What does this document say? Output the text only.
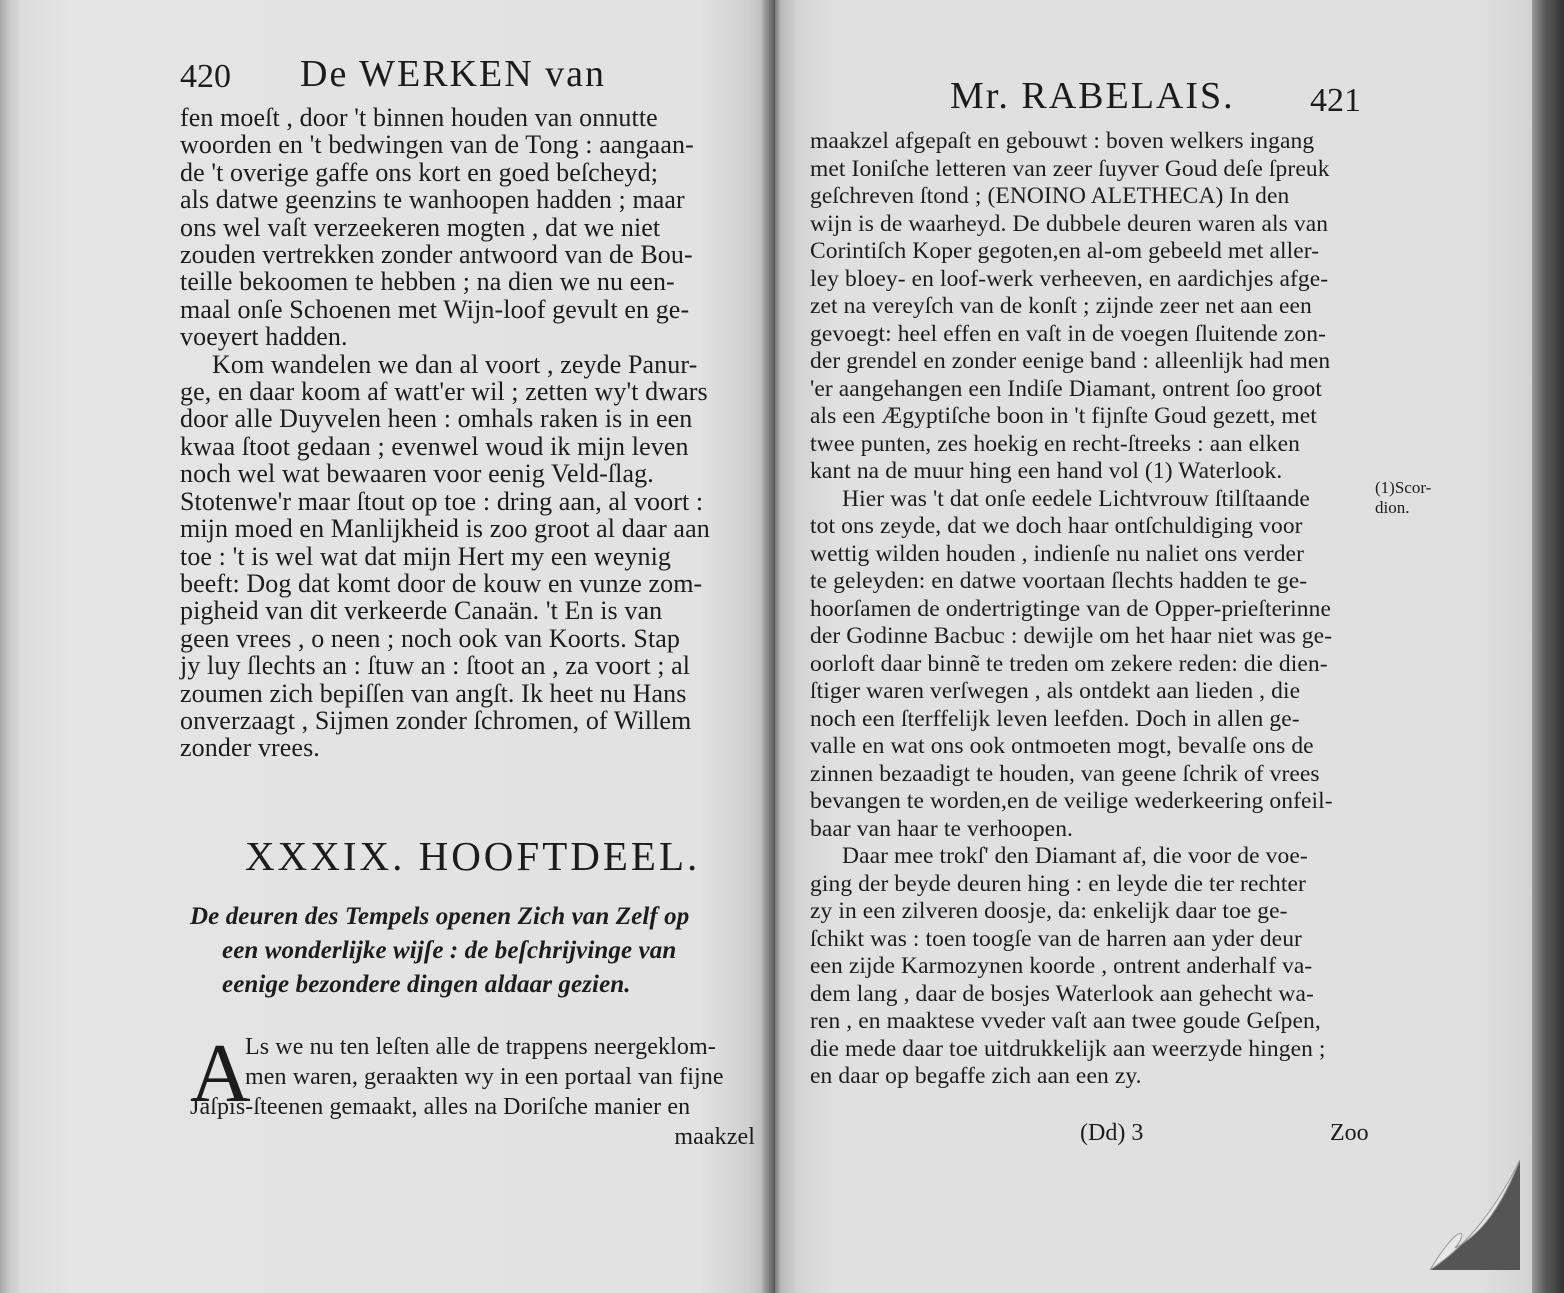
420 De WERKEN van
fen moeſt , door 't binnen houden van onnutte
woorden en 't bedwingen van de Tong : aangaan-
de 't overige gaffe ons kort en goed beſcheyd;
als datwe geenzins te wanhoopen hadden ; maar
ons wel vaſt verzeekeren mogten , dat we niet
zouden vertrekken zonder antwoord van de Bou-
teille bekoomen te hebben ; na dien we nu een-
maal onſe Schoenen met Wijn-loof gevult en ge-
voeyert hadden.
Kom wandelen we dan al voort , zeyde Panur-
ge, en daar koom af watt'er wil ; zetten wy't dwars
door alle Duyvelen heen : omhals raken is in een
kwaa ſtoot gedaan ; evenwel woud ik mijn leven
noch wel wat bewaaren voor eenig Veld-ſlag.
Stotenwe'r maar ſtout op toe : dring aan, al voort :
mijn moed en Manlijkheid is zoo groot al daar aan
toe : 't is wel wat dat mijn Hert my een weynig
beeft: Dog dat komt door de kouw en vunze zom-
pigheid van dit verkeerde Canaän. 't En is van
geen vrees , o neen ; noch ook van Koorts. Stap
jy luy ſlechts an : ſtuw an : ſtoot an , za voort ; al
zoumen zich bepiſſen van angſt. Ik heet nu Hans
onverzaagt , Sijmen zonder ſchromen, of Willem
zonder vrees.
XXXIX. HOOFTDEEL.
De deuren des Tempels openen Zich van Zelf op
een wonderlijke wijſe : de beſchrijvinge van
eenige bezondere dingen aldaar gezien.
A
Ls we nu ten leſten alle de trappens neergeklom-
men waren, geraakten wy in een portaal van fijne
Jaſpis-ſteenen gemaakt, alles na Doriſche manier en
maakzel
Mr. RABELAIS. 421
maakzel afgepaſt en gebouwt : boven welkers ingang
met Ioniſche letteren van zeer ſuyver Goud deſe ſpreuk
geſchreven ſtond ; (ENOINO ALETHECA) In den
wijn is de waarheyd. De dubbele deuren waren als van
Corintiſch Koper gegoten,en al-om gebeeld met aller-
ley bloey- en loof-werk verheeven, en aardichjes afge-
zet na vereyſch van de konſt ; zijnde zeer net aan een
gevoegt: heel effen en vaſt in de voegen ſluitende zon-
der grendel en zonder eenige band : alleenlijk had men
'er aangehangen een Indiſe Diamant, ontrent ſoo groot
als een Ægyptiſche boon in 't fijnſte Goud gezett, met
twee punten, zes hoekig en recht-ſtreeks : aan elken
kant na de muur hing een hand vol (1) Waterlook.
Hier was 't dat onſe eedele Lichtvrouw ſtilſtaande
tot ons zeyde, dat we doch haar ontſchuldiging voor
wettig wilden houden , indienſe nu naliet ons verder
te geleyden: en datwe voortaan ſlechts hadden te ge-
hoorſamen de ondertrigtinge van de Opper-prieſterinne
der Godinne Bacbuc : dewijle om het haar niet was ge-
oorloft daar binnẽ te treden om zekere reden: die dien-
ſtiger waren verſwegen , als ontdekt aan lieden , die
noch een ſterffelijk leven leefden. Doch in allen ge-
valle en wat ons ook ontmoeten mogt, bevalſe ons de
zinnen bezaadigt te houden, van geene ſchrik of vrees
bevangen te worden,en de veilige wederkeering onfeil-
baar van haar te verhoopen.
Daar mee trokſ' den Diamant af, die voor de voe-
ging der beyde deuren hing : en leyde die ter rechter
zy in een zilveren doosje, da: enkelijk daar toe ge-
ſchikt was : toen toogſe van de harren aan yder deur
een zijde Karmozynen koorde , ontrent anderhalf va-
dem lang , daar de bosjes Waterlook aan gehecht wa-
ren , en maaktese vveder vaſt aan twee goude Geſpen,
die mede daar toe uitdrukkelijk aan weerzyde hingen ;
en daar op begaffe zich aan een zy.
(1)Scor-
dion.
(Dd) 3	Zoo
